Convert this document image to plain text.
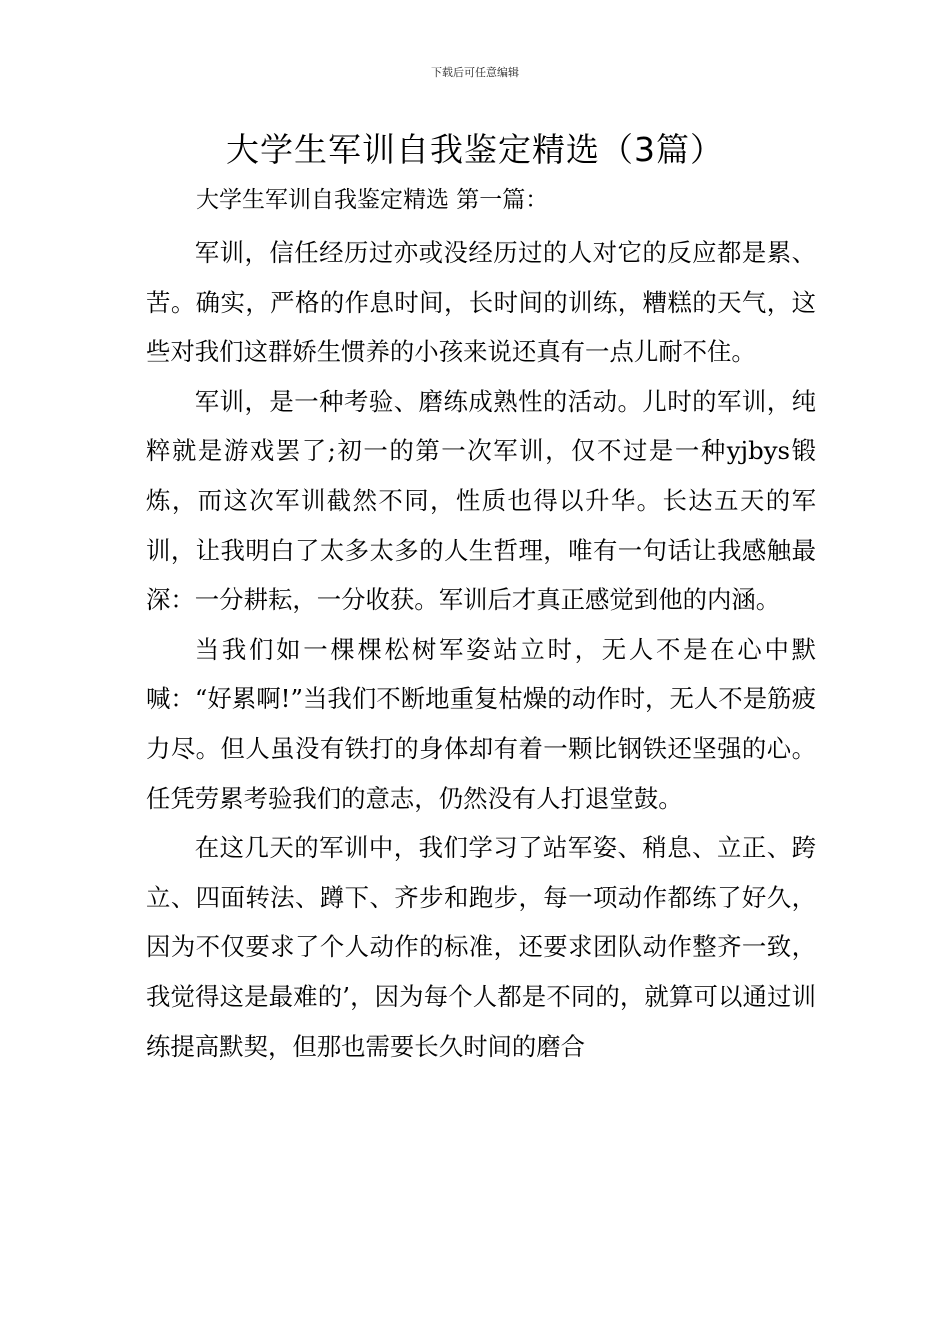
下载后可任意编辑
大学生军训自我鉴定精选（3篇）
大学生军训自我鉴定精选 第一篇：

军训，信任经历过亦或没经历过的人对它的反应都是累、苦。确实，严格的作息时间，长时间的训练，糟糕的天气，这些对我们这群娇生惯养的小孩来说还真有一点儿耐不住。

军训，是一种考验、磨练成熟性的活动。儿时的军训，纯粹就是游戏罢了;初一的第一次军训，仅不过是一种yjbys锻炼，而这次军训截然不同，性质也得以升华。长达五天的军训，让我明白了太多太多的人生哲理，唯有一句话让我感触最深：一分耕耘，一分收获。军训后才真正感觉到他的内涵。

当我们如一棵棵松树军姿站立时，无人不是在心中默喊：“好累啊!”当我们不断地重复枯燥的动作时，无人不是筋疲力尽。但人虽没有铁打的身体却有着一颗比钢铁还坚强的心。任凭劳累考验我们的意志，仍然没有人打退堂鼓。

在这几天的军训中，我们学习了站军姿、稍息、立正、跨立、四面转法、蹲下、齐步和跑步，每一项动作都练了好久，因为不仅要求了个人动作的标准，还要求团队动作整齐一致，我觉得这是最难的’，因为每个人都是不同的，就算可以通过训练提高默契，但那也需要长久时间的磨合
